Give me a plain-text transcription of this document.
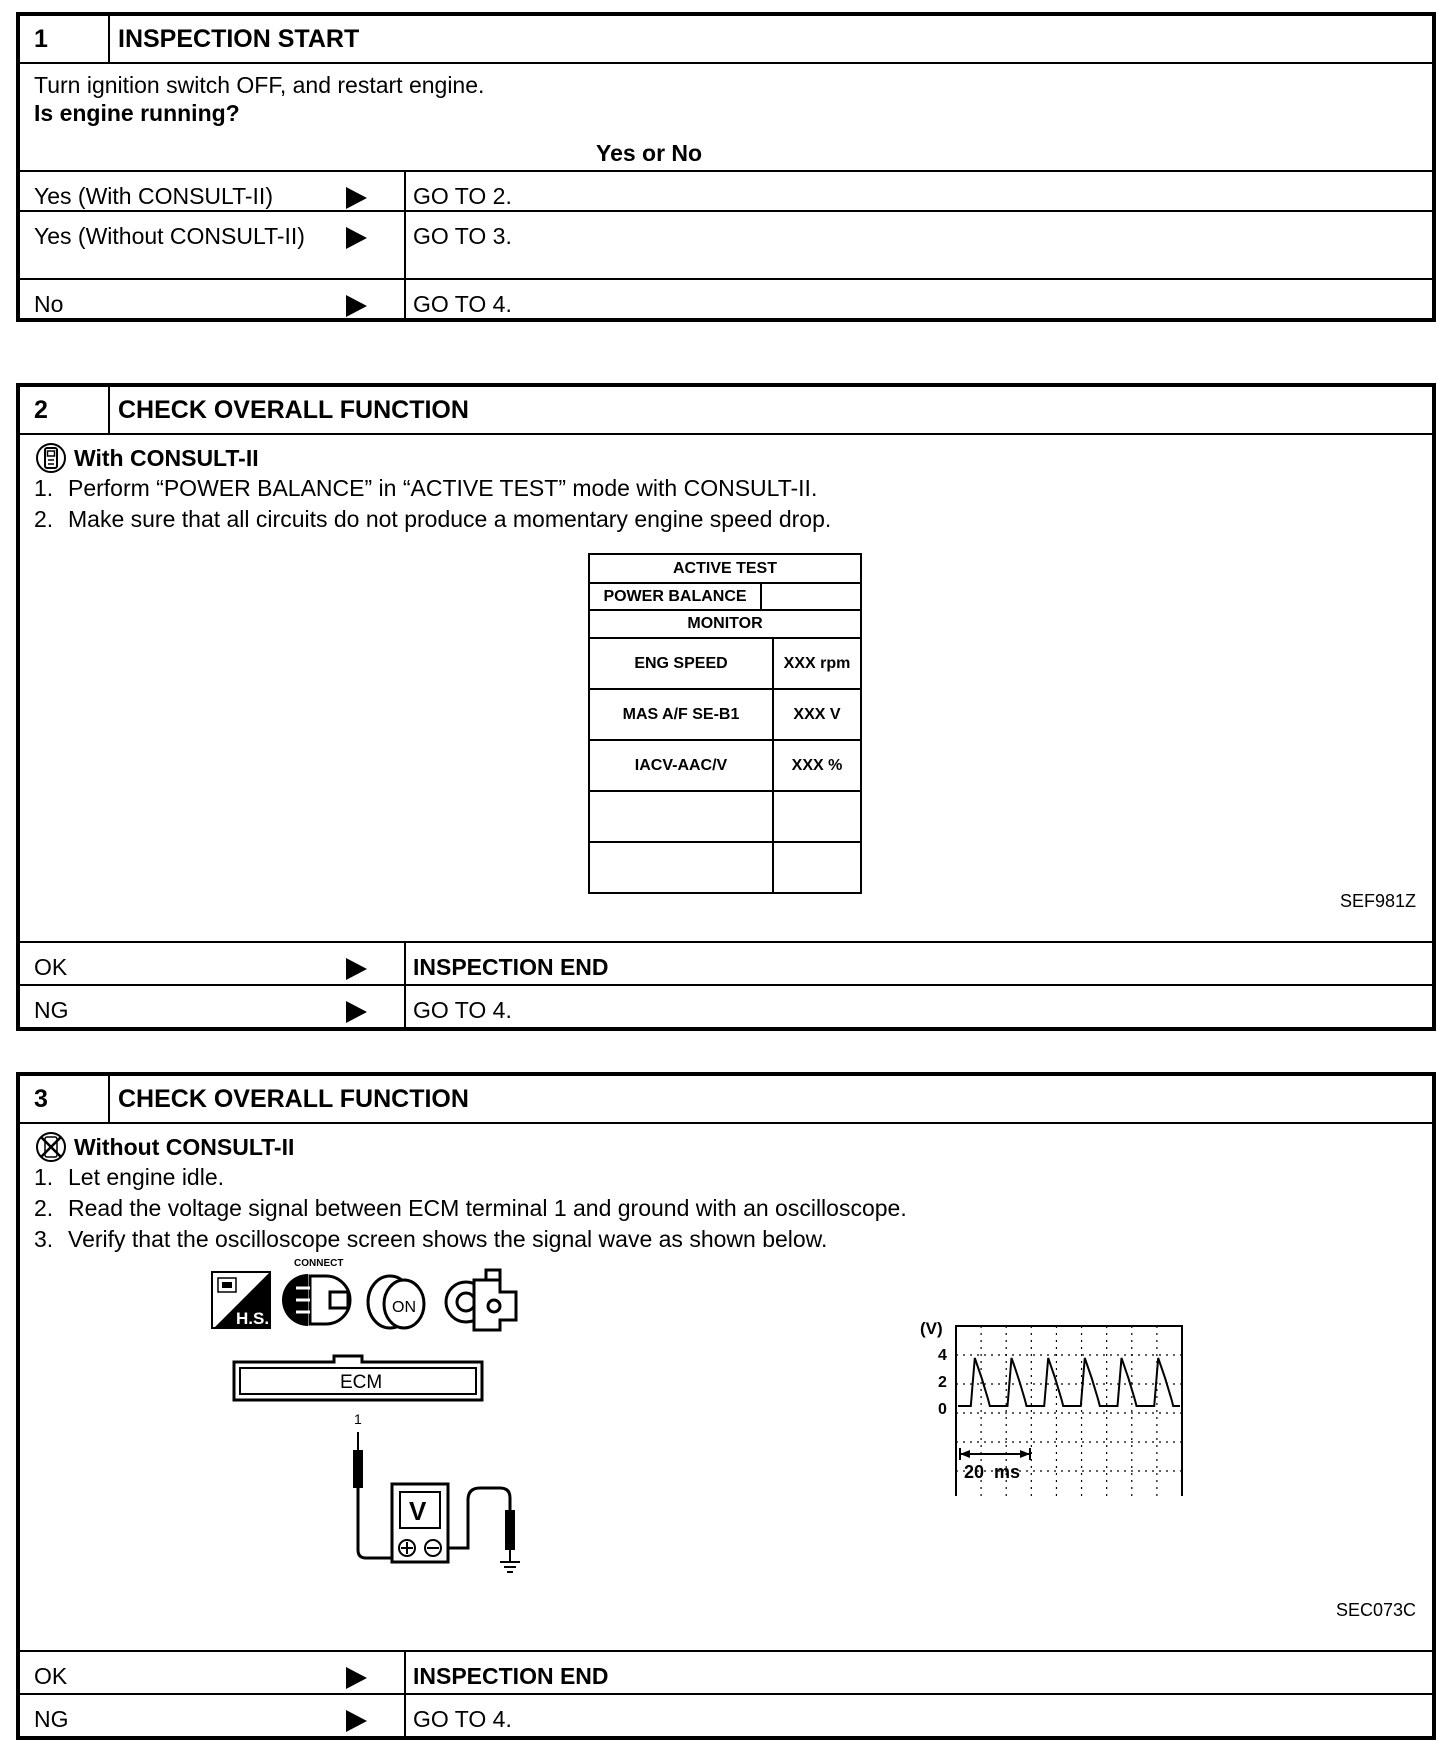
1	INSPECTION START
Turn ignition switch OFF, and restart engine.
Is engine running?
Yes or No
Yes (With CONSULT-II)	GO TO 2.
Yes (Without CONSULT-II)	GO TO 3.
No	GO TO 4.
2	CHECK OVERALL FUNCTION
With CONSULT-II
1. Perform “POWER BALANCE” in “ACTIVE TEST” mode with CONSULT-II.
2. Make sure that all circuits do not produce a momentary engine speed drop.
ACTIVE TEST	

POWER BALANCE	

MONITOR	
ENG SPEED	XXX rpm
MAS A/F SE-B1	XXX V
IACV-AAC/V	XXX %

SEF981Z
OK	INSPECTION END
NG	GO TO 4.
3	CHECK OVERALL FUNCTION
Without CONSULT-II
1. Let engine idle.
2. Read the voltage signal between ECM terminal 1 and ground with an oscilloscope.
3. Verify that the oscilloscope screen shows the signal wave as shown below.
H.S.
CONNECT
ON
ECM
1
V
(V)
4
2
0
20  ms
SEC073C
OK	INSPECTION END
NG	GO TO 4.
